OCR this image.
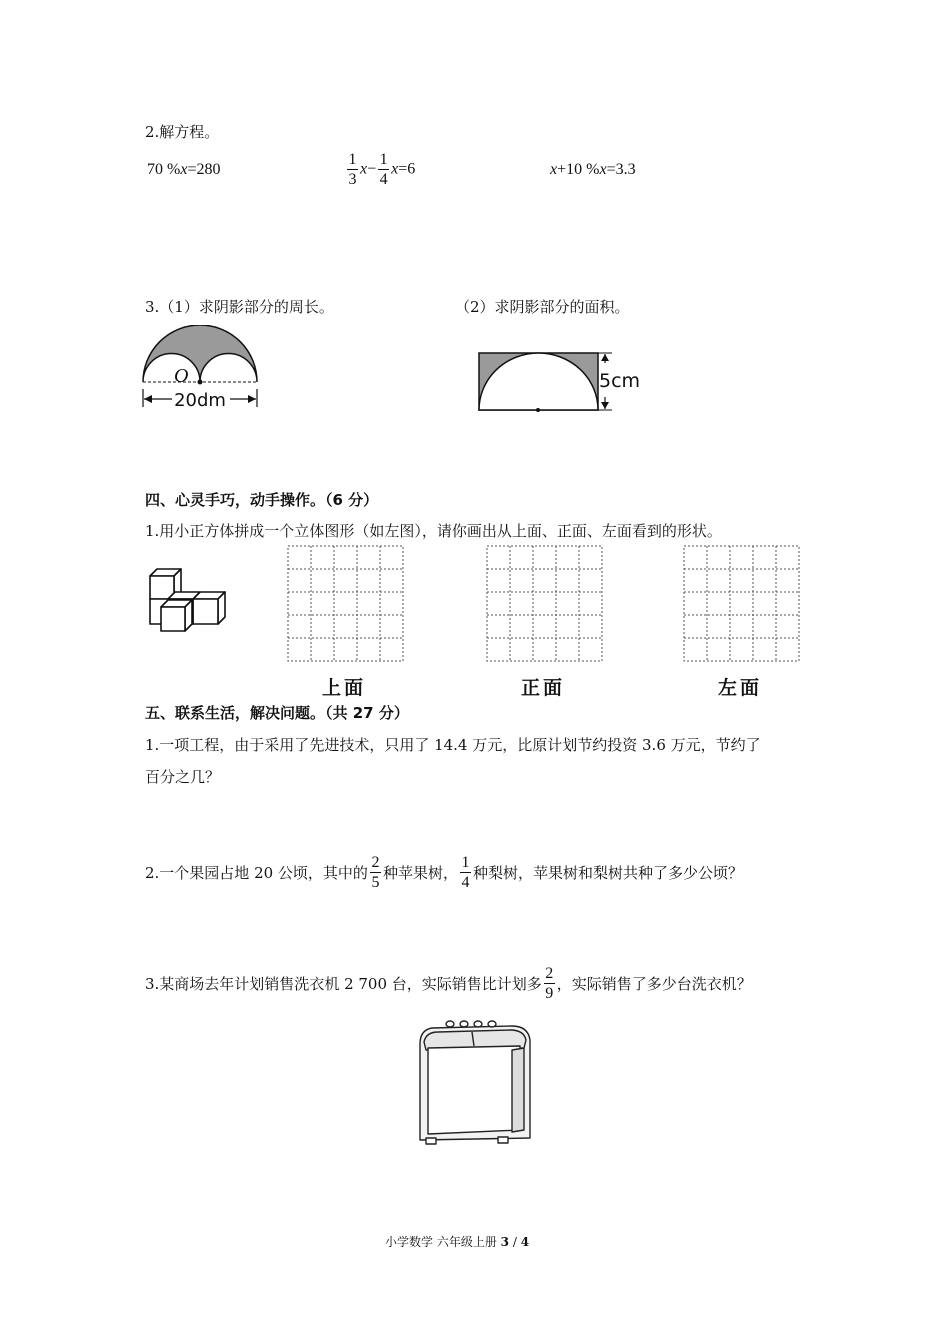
2.解方程。
70 %x=280	$\frac{1}{3} x- \frac{1}{4} x=6$	x+10 %x=3.3
3.（1）求阴影部分的周长。	（2）求阴影部分的面积。
O
20dm
5cm
四、心灵手巧，动手操作。（6 分）
1.用小正方体拼成一个立体图形（如左图），请你画出从上面、正面、左面看到的形状。
上面	正面	左面
五、联系生活，解决问题。（共 27 分）
1.一项工程，由于采用了先进技术，只用了 14.4 万元，比原计划节约投资 3.6 万元，节约了
百分之几？
2.一个果园占地 20 公顷，其中的 $\frac{2}{5}$ 种苹果树， $\frac{1}{4}$ 种梨树，苹果树和梨树共种了多少公顷？
3.某商场去年计划销售洗衣机 2 700 台，实际销售比计划多 $\frac{2}{9}$ ，实际销售了多少台洗衣机？
小学数学 六年级上册 3 / 4
